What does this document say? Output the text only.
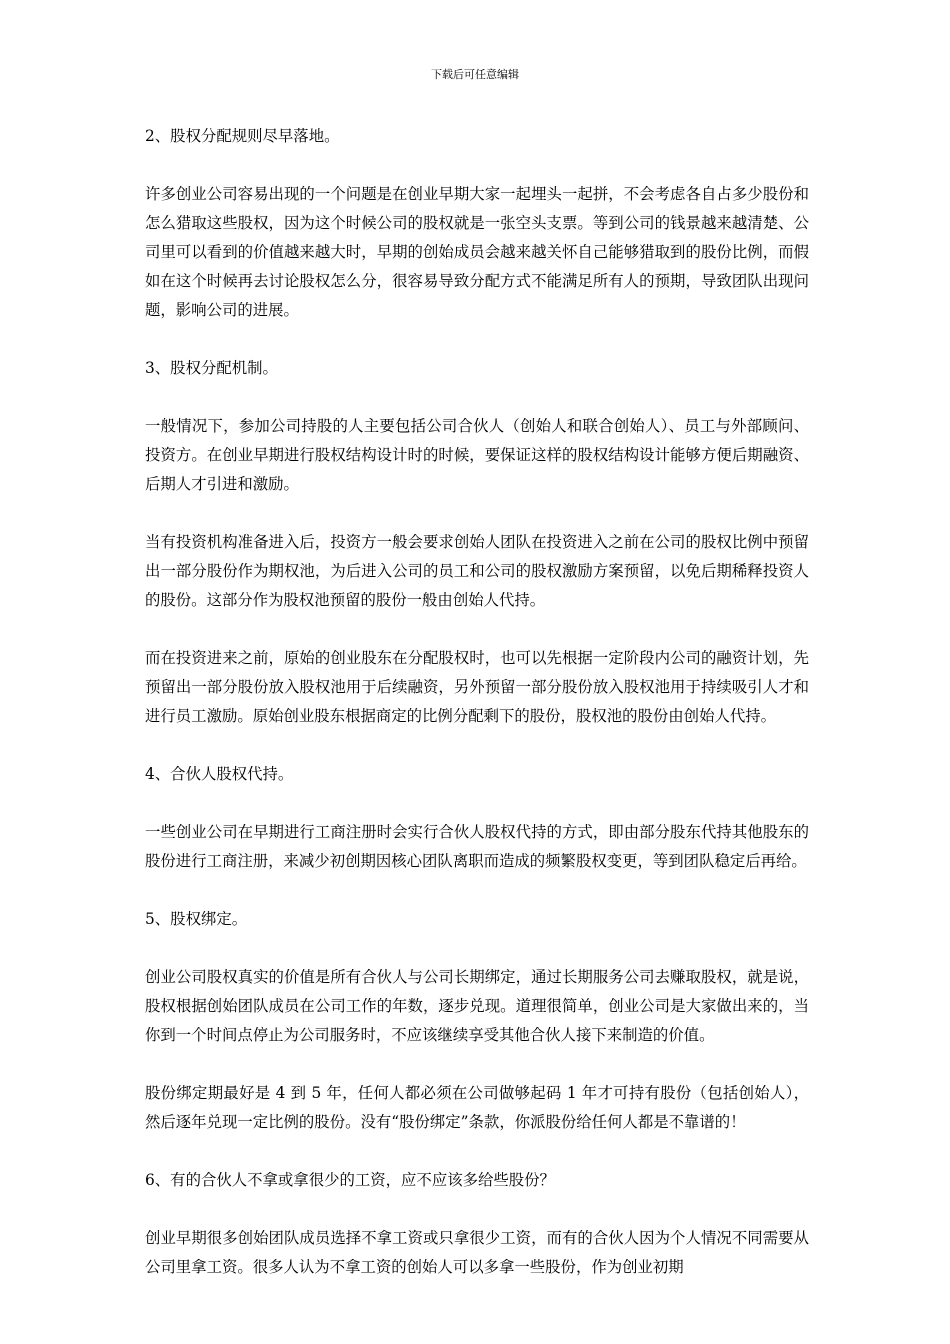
下载后可任意编辑
2、股权分配规则尽早落地。
许多创业公司容易出现的一个问题是在创业早期大家一起埋头一起拼，不会考虑各自占多少股份和怎么猎取这些股权，因为这个时候公司的股权就是一张空头支票。等到公司的钱景越来越清楚、公司里可以看到的价值越来越大时，早期的创始成员会越来越关怀自己能够猎取到的股份比例，而假如在这个时候再去讨论股权怎么分，很容易导致分配方式不能满足所有人的预期，导致团队出现问题，影响公司的进展。
3、股权分配机制。
一般情况下，参加公司持股的人主要包括公司合伙人（创始人和联合创始人）、员工与外部顾问、投资方。在创业早期进行股权结构设计时的时候，要保证这样的股权结构设计能够方便后期融资、后期人才引进和激励。
当有投资机构准备进入后，投资方一般会要求创始人团队在投资进入之前在公司的股权比例中预留出一部分股份作为期权池，为后进入公司的员工和公司的股权激励方案预留，以免后期稀释投资人的股份。这部分作为股权池预留的股份一般由创始人代持。
而在投资进来之前，原始的创业股东在分配股权时，也可以先根据一定阶段内公司的融资计划，先预留出一部分股份放入股权池用于后续融资，另外预留一部分股份放入股权池用于持续吸引人才和进行员工激励。原始创业股东根据商定的比例分配剩下的股份，股权池的股份由创始人代持。
4、合伙人股权代持。
一些创业公司在早期进行工商注册时会实行合伙人股权代持的方式，即由部分股东代持其他股东的股份进行工商注册，来减少初创期因核心团队离职而造成的频繁股权变更，等到团队稳定后再给。
5、股权绑定。
创业公司股权真实的价值是所有合伙人与公司长期绑定，通过长期服务公司去赚取股权，就是说，股权根据创始团队成员在公司工作的年数，逐步兑现。道理很简单，创业公司是大家做出来的，当你到一个时间点停止为公司服务时，不应该继续享受其他合伙人接下来制造的价值。
股份绑定期最好是 4 到 5 年，任何人都必须在公司做够起码 1 年才可持有股份（包括创始人），然后逐年兑现一定比例的股份。没有“股份绑定”条款，你派股份给任何人都是不靠谱的！
6、有的合伙人不拿或拿很少的工资，应不应该多给些股份？
创业早期很多创始团队成员选择不拿工资或只拿很少工资，而有的合伙人因为个人情况不同需要从公司里拿工资。很多人认为不拿工资的创始人可以多拿一些股份，作为创业初期
